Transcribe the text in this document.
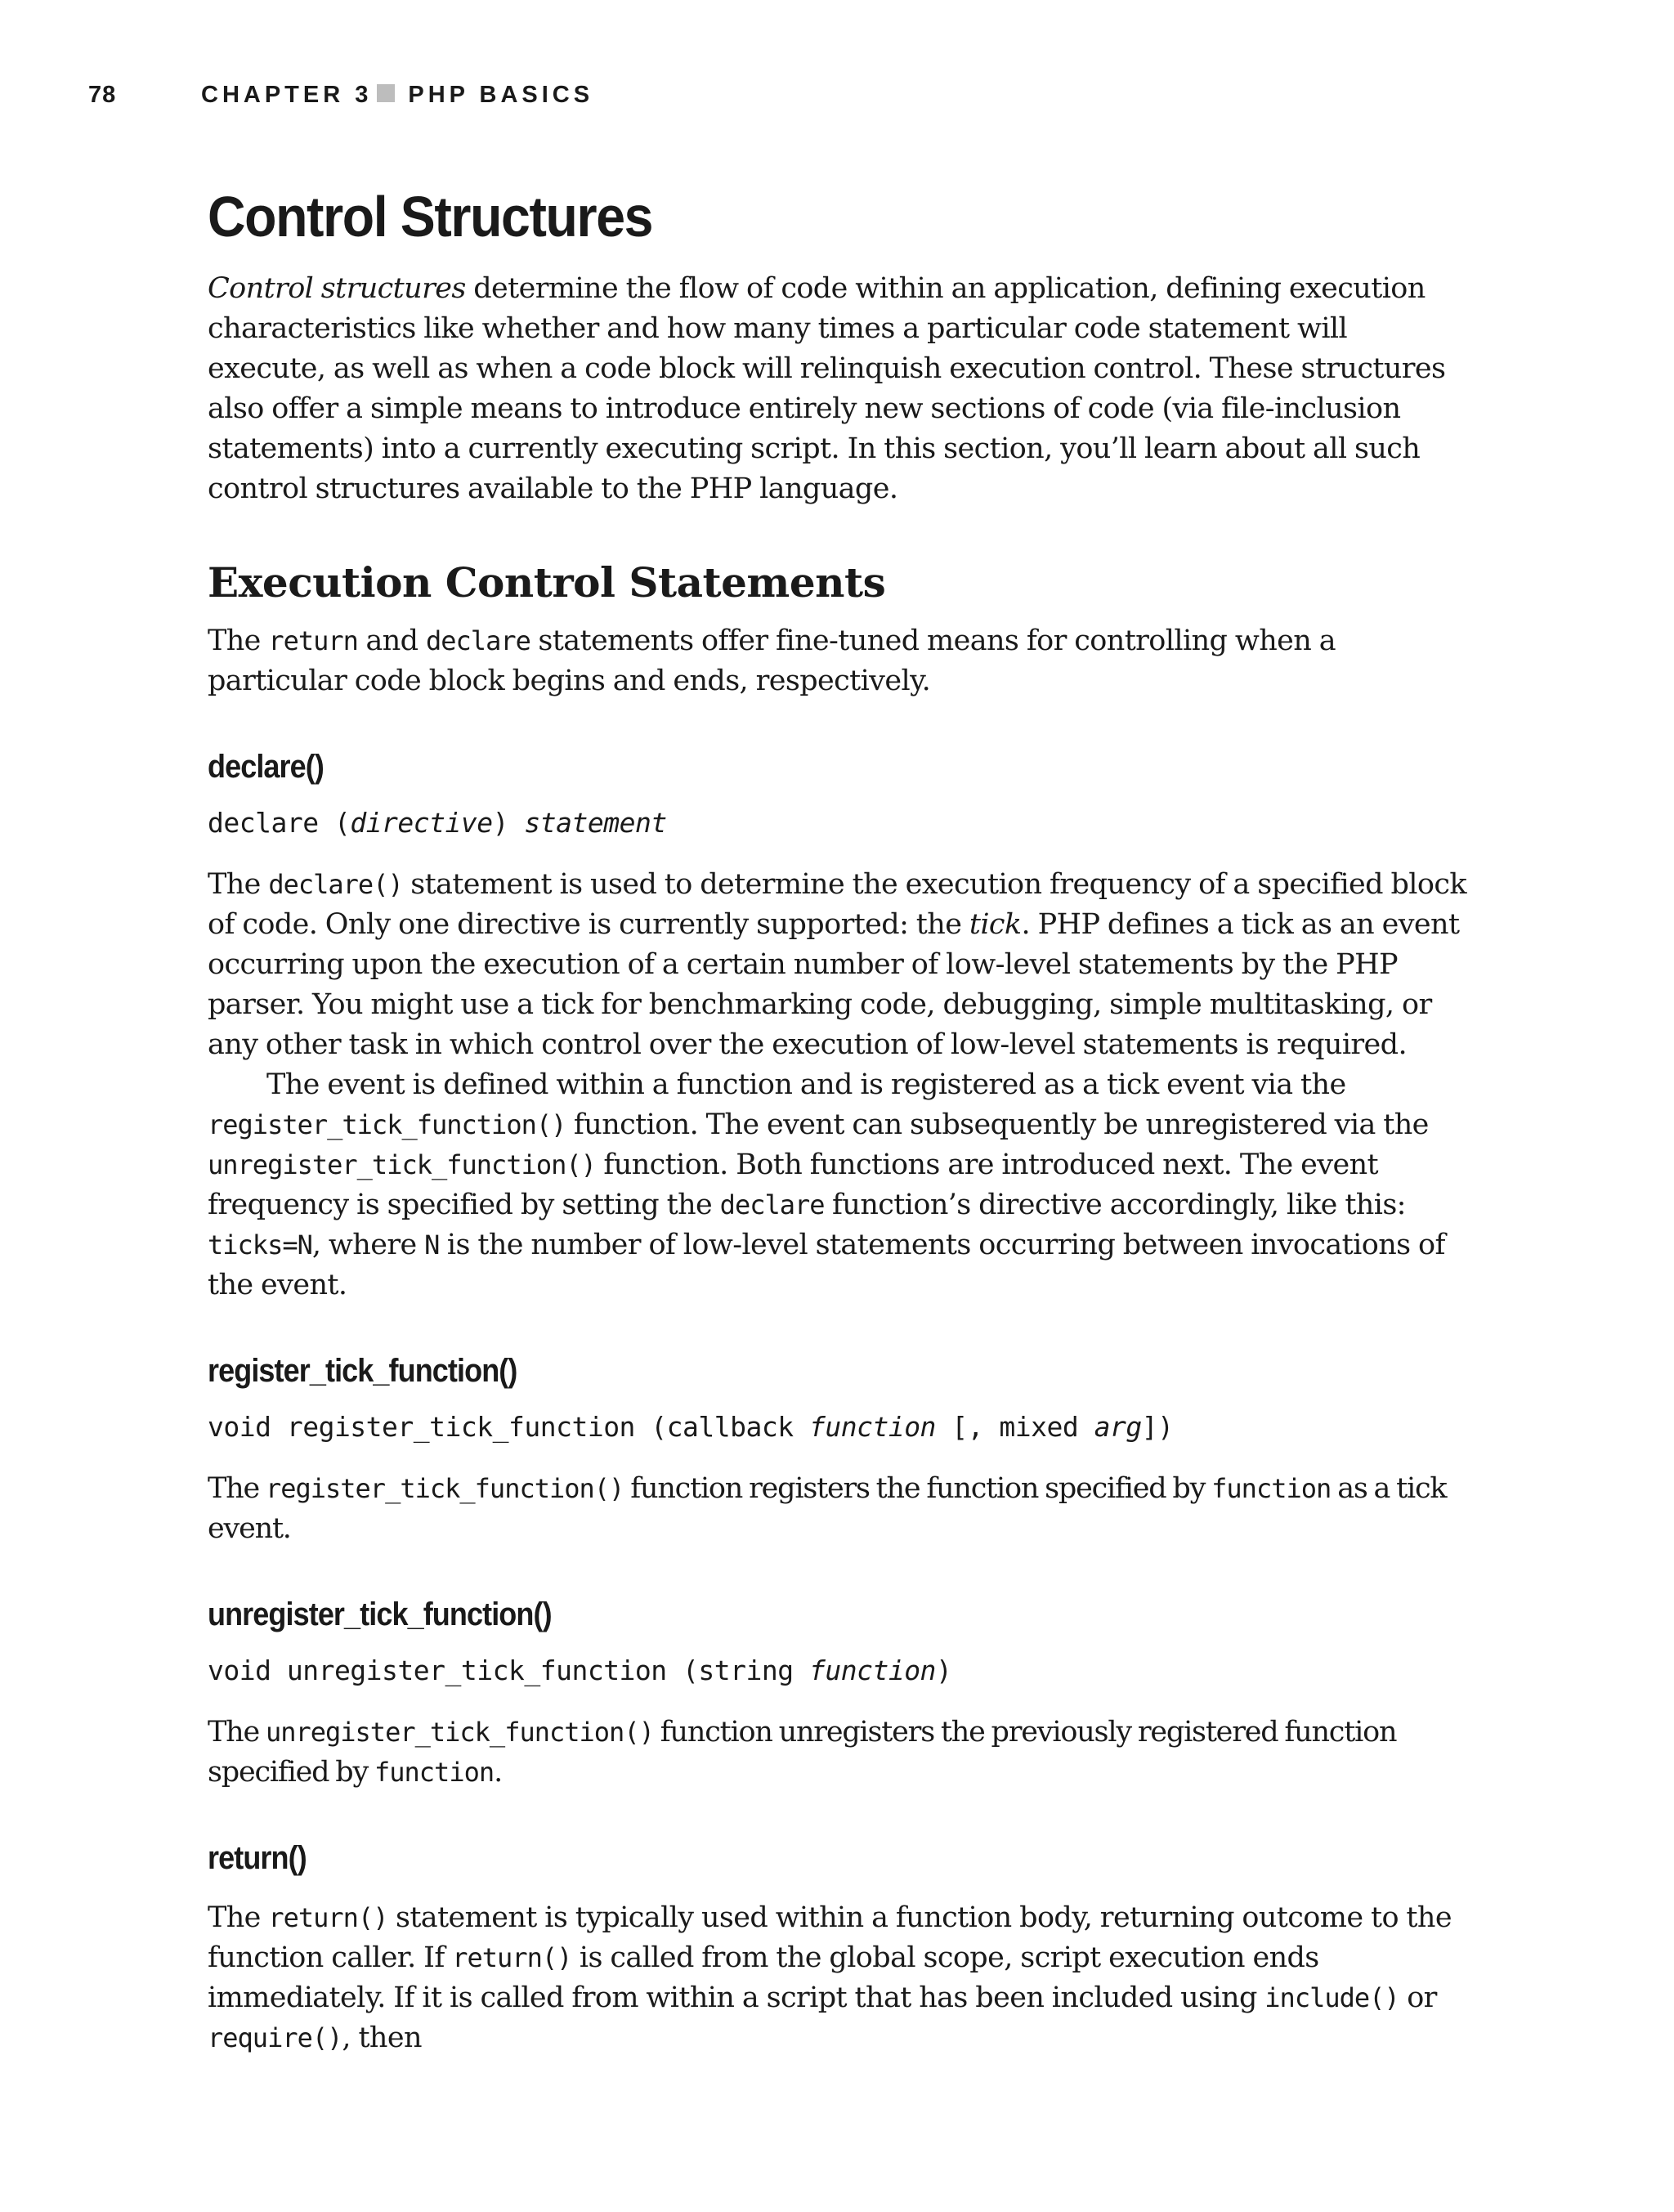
78	CHAPTER 3 PHP BASICS
Control Structures

Control structures determine the flow of code within an application, defining execution characteristics like whether and how many times a particular code statement will execute, as well as when a code block will relinquish execution control. These structures also offer a simple means to introduce entirely new sections of code (via file-inclusion statements) into a currently executing script. In this section, you’ll learn about all such control structures available to the PHP language.

Execution Control Statements

The return and declare statements offer fine-tuned means for controlling when a particular code block begins and ends, respectively.

declare()
declare (directive) statement

The declare() statement is used to determine the execution frequency of a specified block of code. Only one directive is currently supported: the tick. PHP defines a tick as an event occurring upon the execution of a certain number of low-level statements by the PHP parser. You might use a tick for benchmarking code, debugging, simple multitasking, or any other task in which control over the execution of low-level statements is required.

The event is defined within a function and is registered as a tick event via the register_tick_function() function. The event can subsequently be unregistered via the unregister_tick_function() function. Both functions are introduced next. The event frequency is specified by setting the declare function’s directive accordingly, like this: ticks=N, where N is the number of low-level statements occurring between invocations of the event.

register_tick_function()
void register_tick_function (callback function [, mixed arg])

The register_tick_function() function registers the function specified by function as a tick event.

unregister_tick_function()
void unregister_tick_function (string function)

The unregister_tick_function() function unregisters the previously registered function specified by function.

return()

The return() statement is typically used within a function body, returning outcome to the function caller. If return() is called from the global scope, script execution ends immediately. If it is called from within a script that has been included using include() or require(), then
